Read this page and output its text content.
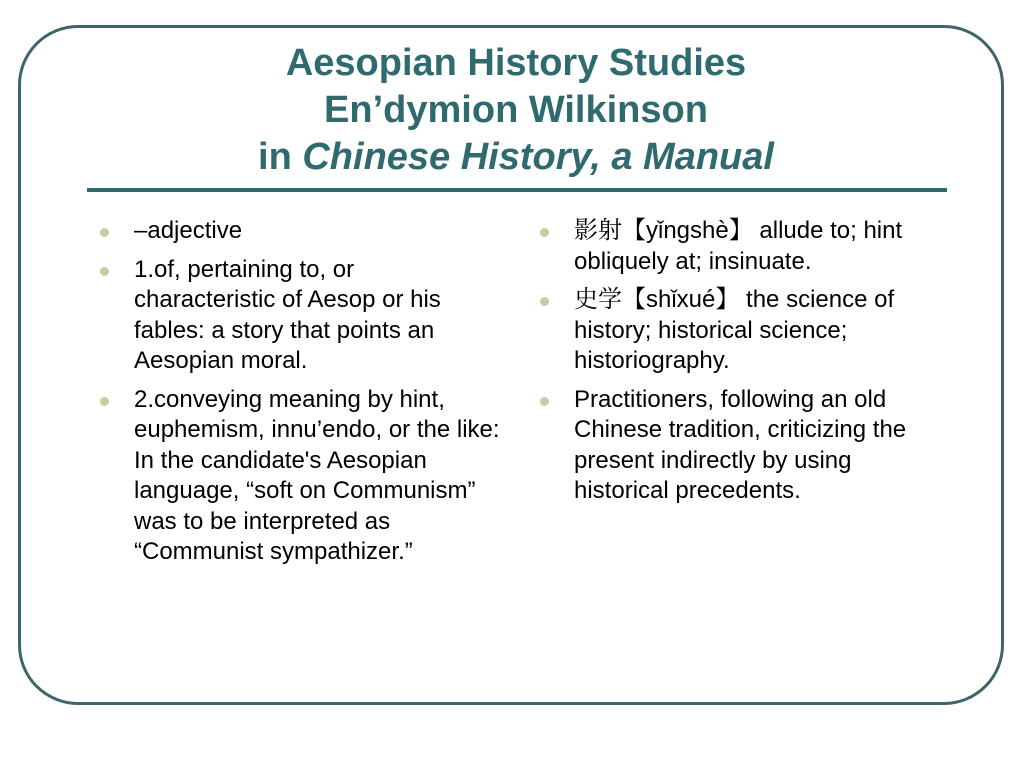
Aesopian History Studies
En’dymion Wilkinson
in Chinese History, a Manual
–adjective
1.of, pertaining to, or characteristic of Aesop or his fables: a story that points an Aesopian moral.
2.conveying meaning by hint, euphemism, innu’endo, or the like: In the candidate's Aesopian language, “soft on Communism” was to be interpreted as “Communist sympathizer.”
影射【yǐngshè】 allude to; hint obliquely at; insinuate.
史学【shǐxué】 the science of history; historical science; historiography.
Practitioners, following an old Chinese tradition, criticizing the present indirectly by using historical precedents.
